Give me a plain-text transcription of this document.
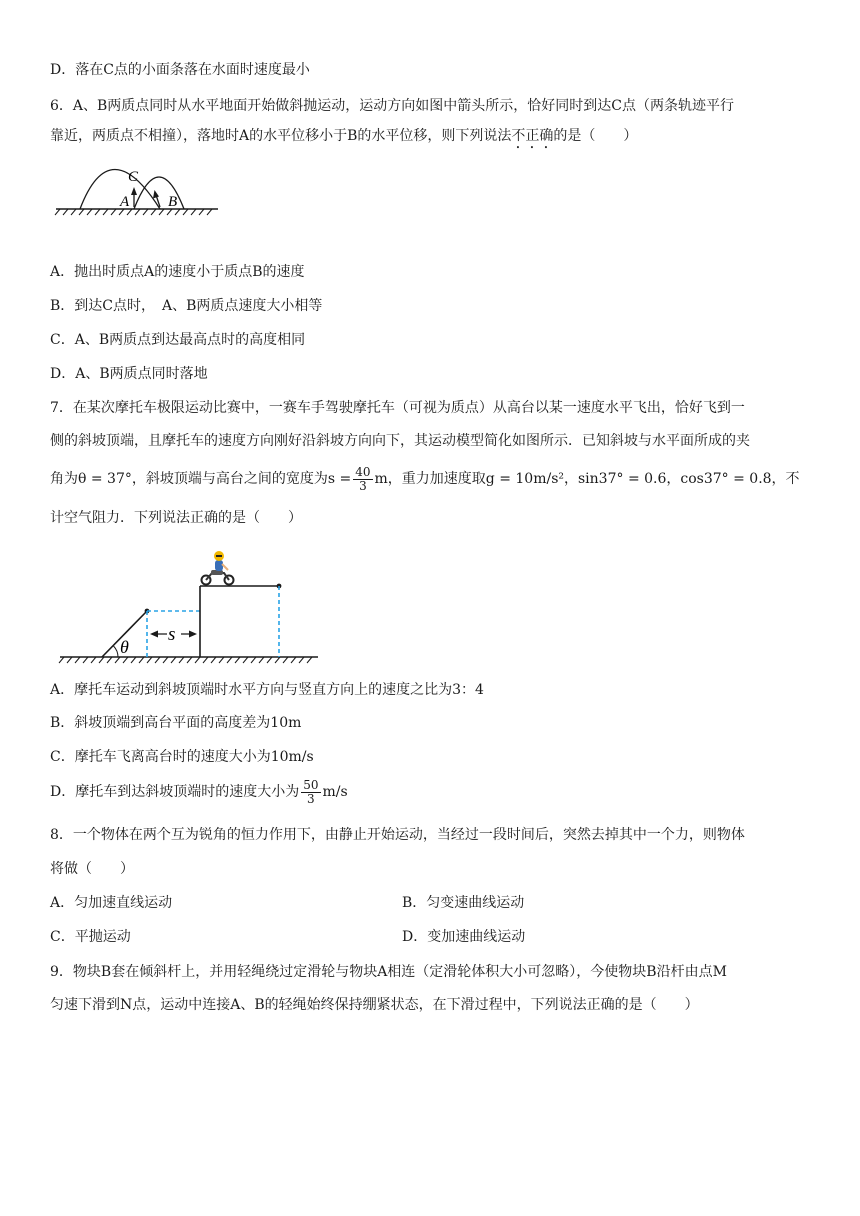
D．落在C点的小面条落在水面时速度最小
6．A、B两质点同时从水平地面开始做斜抛运动，运动方向如图中箭头所示，恰好同时到达C点（两条轨迹平行
靠近，两质点不相撞），落地时A的水平位移小于B的水平位移，则下列说法不正确的是（　　）
C
A	B
A．抛出时质点A的速度小于质点B的速度
B．到达C点时，　A、B两质点速度大小相等
C．A、B两质点到达最高点时的高度相同
D．A、B两质点同时落地
7．在某次摩托车极限运动比赛中，一赛车手驾驶摩托车（可视为质点）从高台以某一速度水平飞出，恰好飞到一
侧的斜坡顶端，且摩托车的速度方向刚好沿斜坡方向向下，其运动模型简化如图所示．已知斜坡与水平面所成的夹
角为θ = 37°，斜坡顶端与高台之间的宽度为$s = \frac{40}{3}$ m，重力加速度取g = 10m/s²，sin37° = 0.6，cos37° = 0.8，不
计空气阻力．下列说法正确的是（　　）
θ
s
A．摩托车运动到斜坡顶端时水平方向与竖直方向上的速度之比为3：4
B．斜坡顶端到高台平面的高度差为10m
C．摩托车飞离高台时的速度大小为10m/s
D．摩托车到达斜坡顶端时的速度大小为 $\frac{50}{3} m/s$
8．一个物体在两个互为锐角的恒力作用下，由静止开始运动，当经过一段时间后，突然去掉其中一个力，则物体
将做（　　）
A．匀加速直线运动	B．匀变速曲线运动
C．平抛运动	D．变加速曲线运动
9．物块B套在倾斜杆上，并用轻绳绕过定滑轮与物块A相连（定滑轮体积大小可忽略），今使物块B沿杆由点M
匀速下滑到N点，运动中连接A、B的轻绳始终保持绷紧状态，在下滑过程中，下列说法正确的是（　　）
